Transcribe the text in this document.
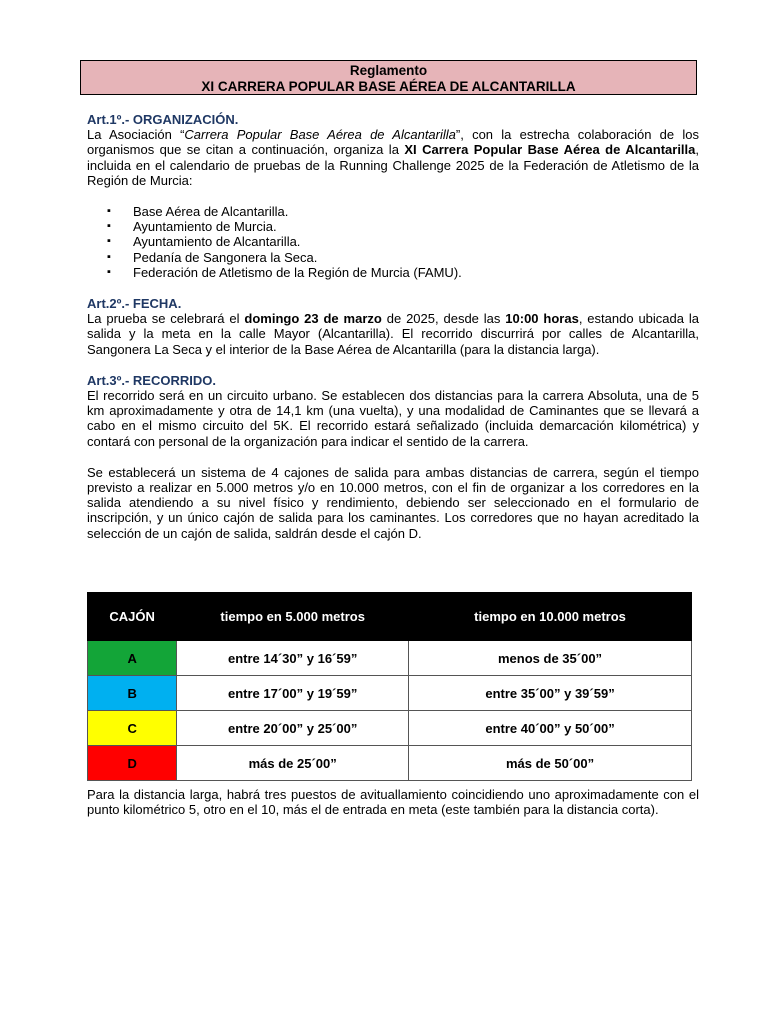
Reglamento
XI CARRERA POPULAR BASE AÉREA DE ALCANTARILLA
Art.1º.- ORGANIZACIÓN.

La Asociación “Carrera Popular Base Aérea de Alcantarilla”, con la estrecha colaboración de los organismos que se citan a continuación, organiza la XI Carrera Popular Base Aérea de Alcantarilla, incluida en el calendario de pruebas de la Running Challenge 2025 de la Federación de Atletismo de la Región de Murcia:

▪ Base Aérea de Alcantarilla.
▪ Ayuntamiento de Murcia.
▪ Ayuntamiento de Alcantarilla.
▪ Pedanía de Sangonera la Seca.
▪ Federación de Atletismo de la Región de Murcia (FAMU).
Art.2º.- FECHA.

La prueba se celebrará el domingo 23 de marzo de 2025, desde las 10:00 horas, estando ubicada la salida y la meta en la calle Mayor (Alcantarilla). El recorrido discurrirá por calles de Alcantarilla, Sangonera La Seca y el interior de la Base Aérea de Alcantarilla (para la distancia larga).

Art.3º.- RECORRIDO.

El recorrido será en un circuito urbano. Se establecen dos distancias para la carrera Absoluta, una de 5 km aproximadamente y otra de 14,1 km (una vuelta), y una modalidad de Caminantes que se llevará a cabo en el mismo circuito del 5K. El recorrido estará señalizado (incluida demarcación kilométrica) y contará con personal de la organización para indicar el sentido de la carrera.

Se establecerá un sistema de 4 cajones de salida para ambas distancias de carrera, según el tiempo previsto a realizar en 5.000 metros y/o en 10.000 metros, con el fin de organizar a los corredores en la salida atendiendo a su nivel físico y rendimiento, debiendo ser seleccionado en el formulario de inscripción, y un único cajón de salida para los caminantes. Los corredores que no hayan acreditado la selección de un cajón de salida, saldrán desde el cajón D.

CAJÓN	tiempo en 5.000 metros	tiempo en 10.000 metros
A	entre 14´30” y 16´59”	menos de 35´00”
B	entre 17´00” y 19´59”	entre 35´00” y 39´59”
C	entre 20´00” y 25´00”	entre 40´00” y 50´00”
D	más de 25´00”	más de 50´00”

Para la distancia larga, habrá tres puestos de avituallamiento coincidiendo uno aproximadamente con el punto kilométrico 5, otro en el 10, más el de entrada en meta (este también para la distancia corta).
